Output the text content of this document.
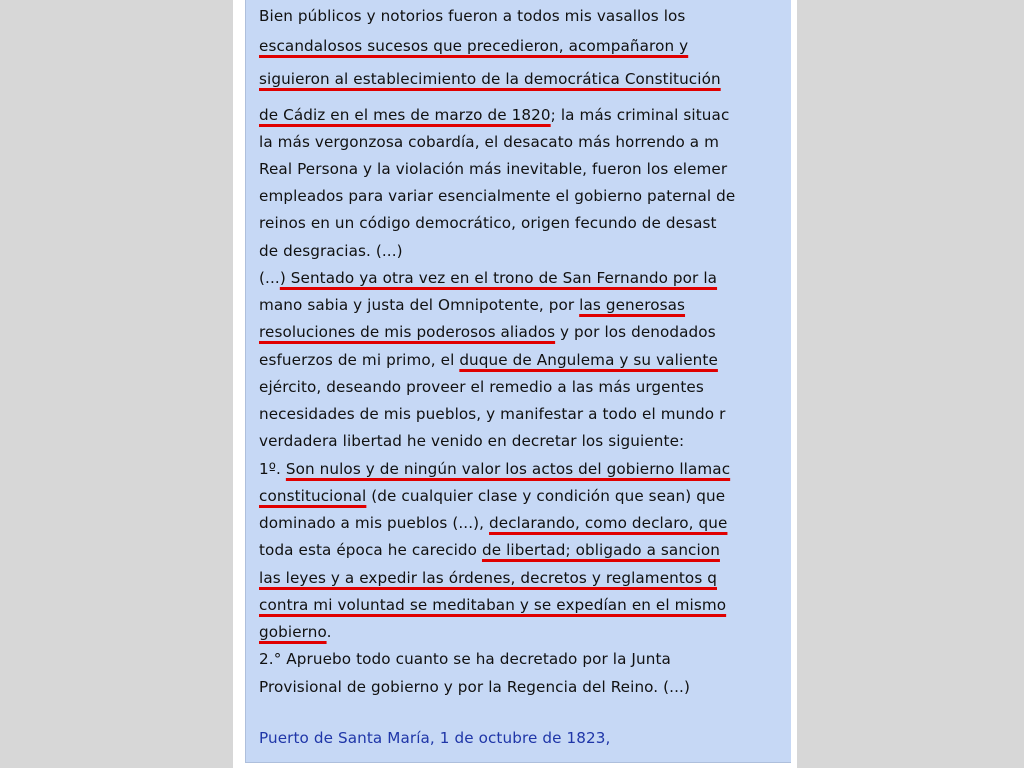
Bien públicos y notorios fueron a todos mis vasallos los
escandalosos sucesos que precedieron, acompañaron y
siguieron al establecimiento de la democrática Constitución
de Cádiz en el mes de marzo de 1820; la más criminal situac
la más vergonzosa cobardía, el desacato más horrendo a m
Real Persona y la violación más inevitable, fueron los elemer
empleados para variar esencialmente el gobierno paternal de
reinos en un código democrático, origen fecundo de desast
de desgracias. (...)
(...) Sentado ya otra vez en el trono de San Fernando por la
mano sabia y justa del Omnipotente, por las generosas
resoluciones de mis poderosos aliados y por los denodados
esfuerzos de mi primo, el duque de Angulema y su valiente
ejército, deseando proveer el remedio a las más urgentes
necesidades de mis pueblos, y manifestar a todo el mundo r
verdadera libertad he venido en decretar los siguiente:
1º. Son nulos y de ningún valor los actos del gobierno llamac
constitucional (de cualquier clase y condición que sean) que
dominado a mis pueblos (...), declarando, como declaro, que
toda esta época he carecido de libertad; obligado a sancion
las leyes y a expedir las órdenes, decretos y reglamentos q
contra mi voluntad se meditaban y se expedían en el mismo
gobierno.
2.° Apruebo todo cuanto se ha decretado por la Junta
Provisional de gobierno y por la Regencia del Reino. (...)
Puerto de Santa María, 1 de octubre de 1823,
